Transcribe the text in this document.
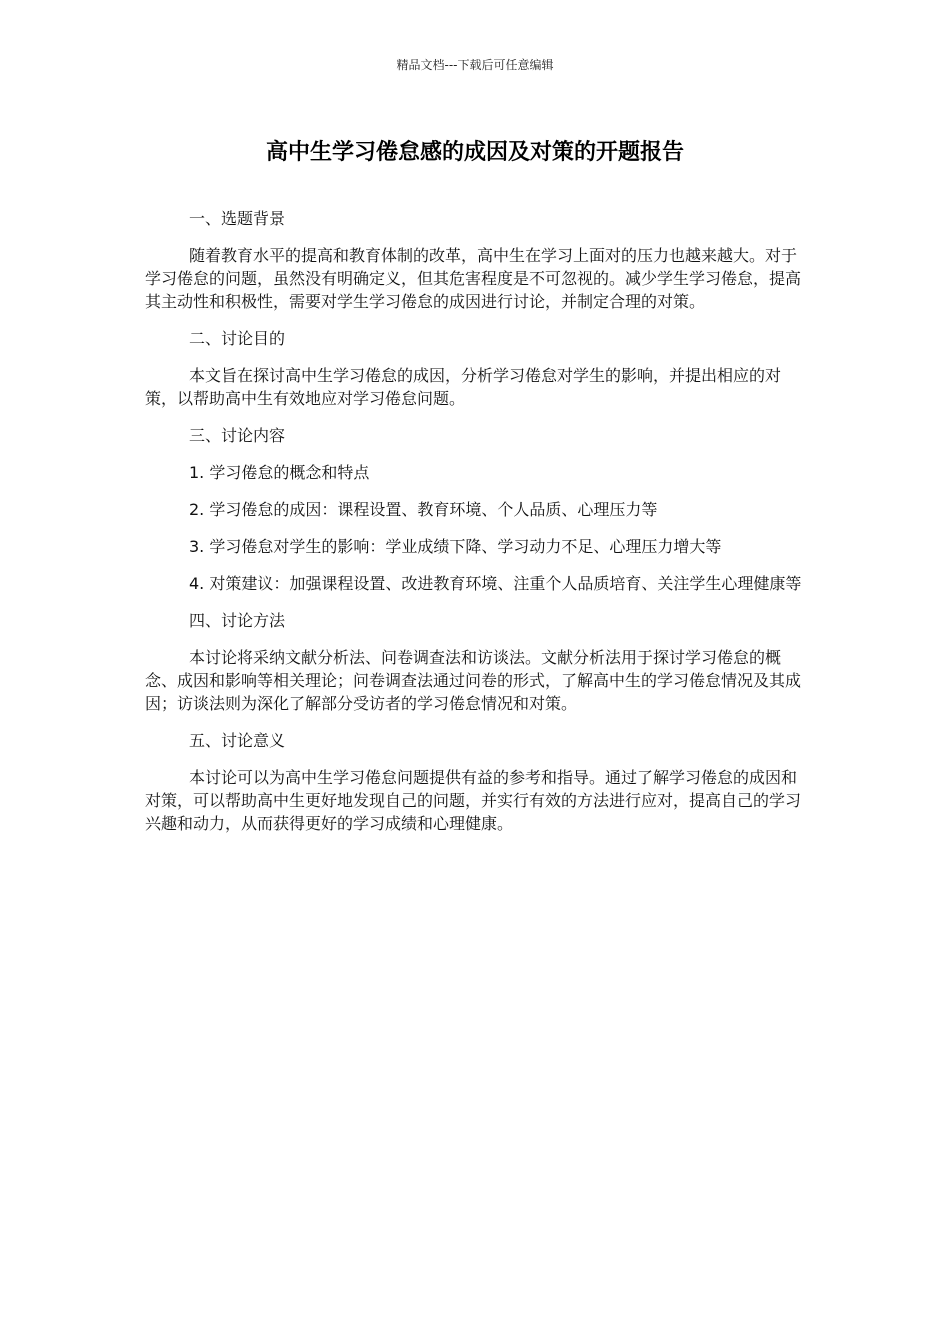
精品文档---下载后可任意编辑
高中生学习倦怠感的成因及对策的开题报告

一、选题背景

随着教育水平的提高和教育体制的改革，高中生在学习上面对的压力也越来越大。对于学习倦怠的问题，虽然没有明确定义，但其危害程度是不可忽视的。减少学生学习倦怠，提高其主动性和积极性，需要对学生学习倦怠的成因进行讨论，并制定合理的对策。

二、讨论目的

本文旨在探讨高中生学习倦怠的成因，分析学习倦怠对学生的影响，并提出相应的对策，以帮助高中生有效地应对学习倦怠问题。

三、讨论内容

1. 学习倦怠的概念和特点

2. 学习倦怠的成因：课程设置、教育环境、个人品质、心理压力等

3. 学习倦怠对学生的影响：学业成绩下降、学习动力不足、心理压力增大等

4. 对策建议：加强课程设置、改进教育环境、注重个人品质培育、关注学生心理健康等

四、讨论方法

本讨论将采纳文献分析法、问卷调查法和访谈法。文献分析法用于探讨学习倦怠的概念、成因和影响等相关理论；问卷调查法通过问卷的形式，了解高中生的学习倦怠情况及其成因；访谈法则为深化了解部分受访者的学习倦怠情况和对策。

五、讨论意义

本讨论可以为高中生学习倦怠问题提供有益的参考和指导。通过了解学习倦怠的成因和对策，可以帮助高中生更好地发现自己的问题，并实行有效的方法进行应对，提高自己的学习兴趣和动力，从而获得更好的学习成绩和心理健康。
